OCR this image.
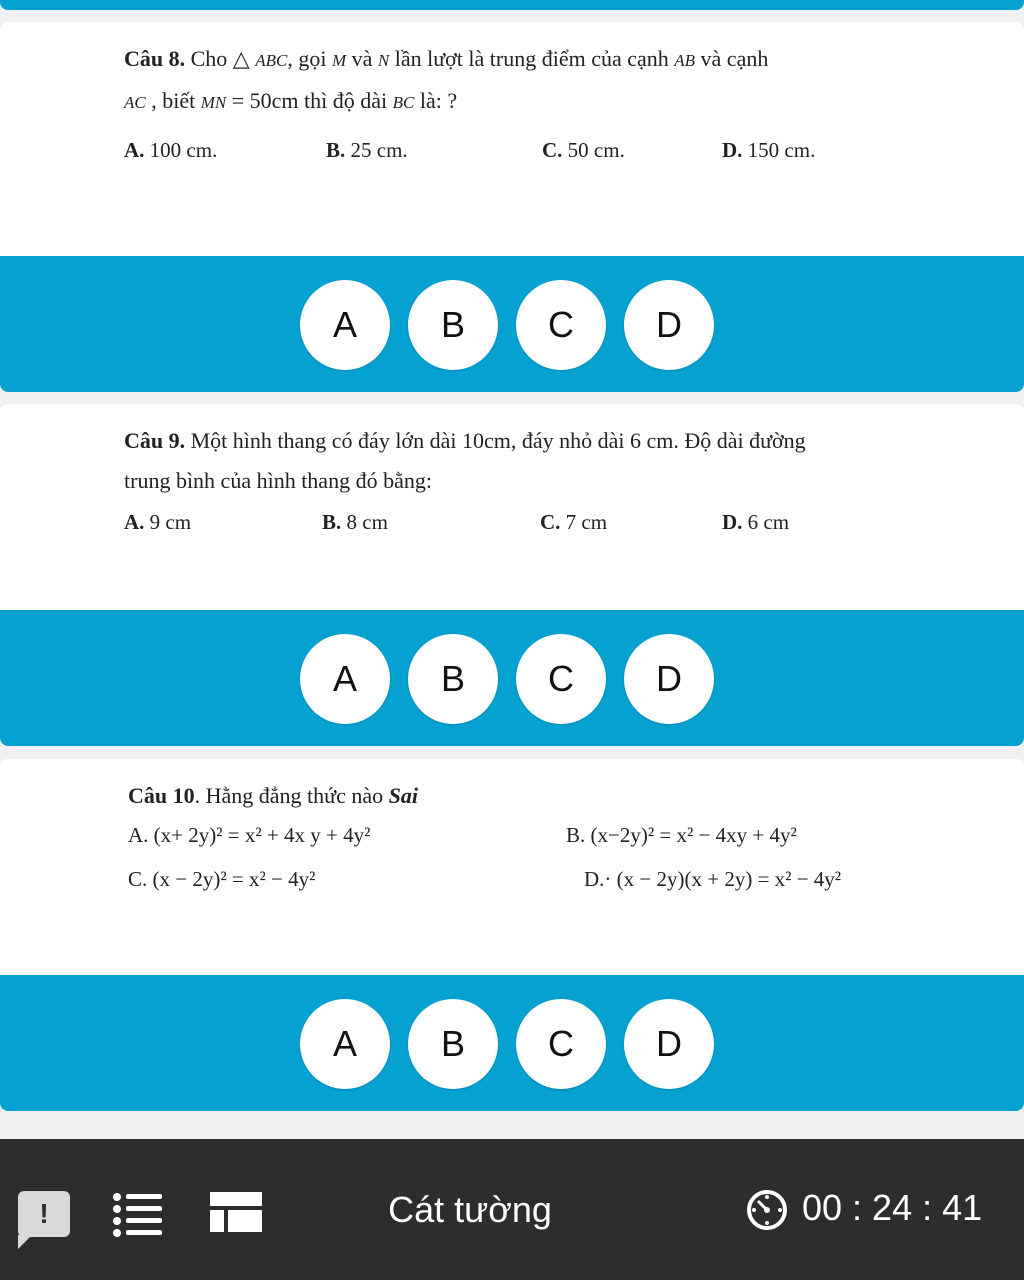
Câu 8. Cho △ ABC, gọi M và N lần lượt là trung điểm của cạnh AB và cạnh
AC , biết MN = 50cm thì độ dài BC là: ?
A. 100 cm.	B. 25 cm.	C. 50 cm.	D. 150 cm.
A	B	C	D
Câu 9. Một hình thang có đáy lớn dài 10cm, đáy nhỏ dài 6 cm. Độ dài đường
trung bình của hình thang đó bằng:
A. 9 cm	B. 8 cm	C. 7 cm	D. 6 cm
A	B	C	D
Câu 10. Hằng đẳng thức nào Sai
A. (x+ 2y)² = x² + 4x y + 4y²	B. (x−2y)² = x² − 4xy + 4y²
C. (x − 2y)² = x² − 4y²	D.· (x − 2y)(x + 2y) = x² − 4y²
A	B	C	D
!	Cát tường	00 : 24 : 41
